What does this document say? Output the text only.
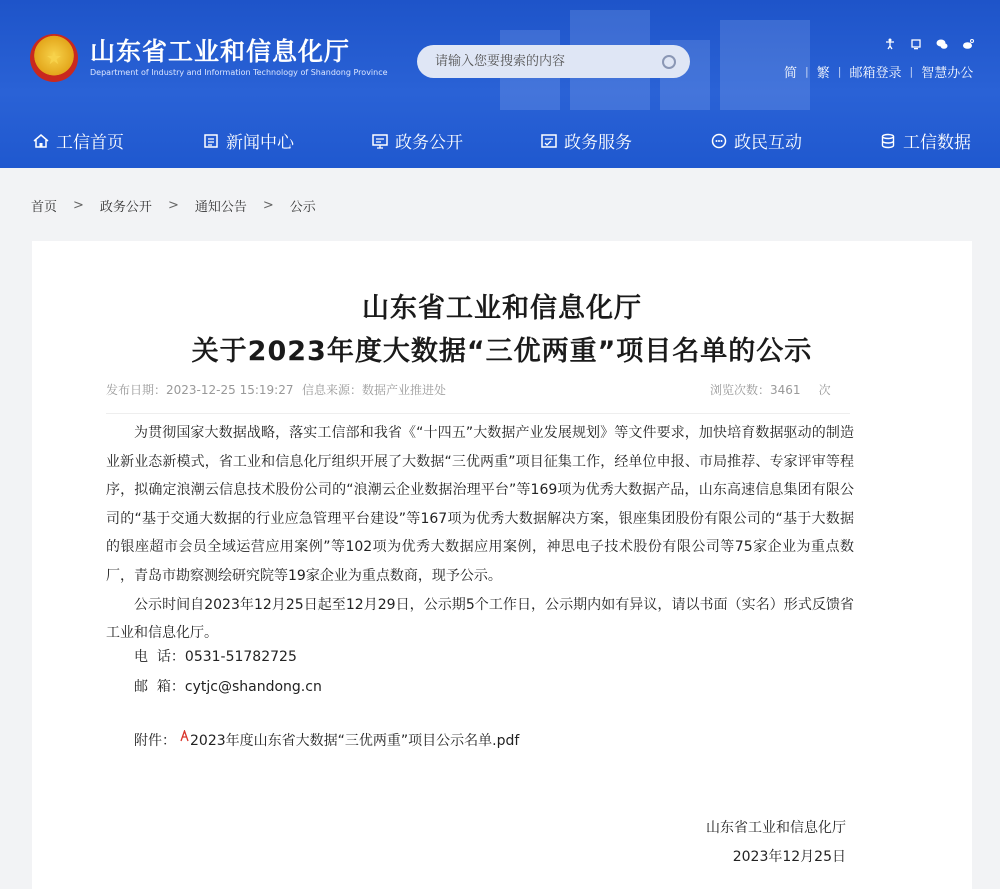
★	山东省工业和信息化厅
Department of Industry and Information Technology of Shandong Province
请输入您要搜索的内容	简 | 繁 | 邮箱登录 | 智慧办公
工信首页	新闻中心	政务公开	政务服务	政民互动	工信数据
首页 > 政务公开 > 通知公告 > 公示
山东省工业和信息化厅
关于2023年度大数据“三优两重”项目名单的公示
发布日期：2023-12-25 15:19:27 信息来源：数据产业推进处	浏览次数：3461 次

为贯彻国家大数据战略，落实工信部和我省《“十四五”大数据产业发展规划》等文件要求，加快培育数据驱动的制造业新业态新模式，省工业和信息化厅组织开展了大数据“三优两重”项目征集工作，经单位申报、市局推荐、专家评审等程序，拟确定浪潮云信息技术股份公司的“浪潮云企业数据治理平台”等169项为优秀大数据产品，山东高速信息集团有限公司的“基于交通大数据的行业应急管理平台建设”等167项为优秀大数据解决方案，银座集团股份有限公司的“基于大数据的银座超市会员全域运营应用案例”等102项为优秀大数据应用案例，神思电子技术股份有限公司等75家企业为重点数厂，青岛市勘察测绘研究院等19家企业为重点数商，现予公示。

公示时间自2023年12月25日起至12月29日，公示期5个工作日，公示期内如有异议，请以书面（实名）形式反馈省工业和信息化厅。

电  话：0531-51782725
邮  箱：cytjc@shandong.cn
附件： 2023年度山东省大数据“三优两重”项目公示名单.pdf
山东省工业和信息化厅
2023年12月25日
